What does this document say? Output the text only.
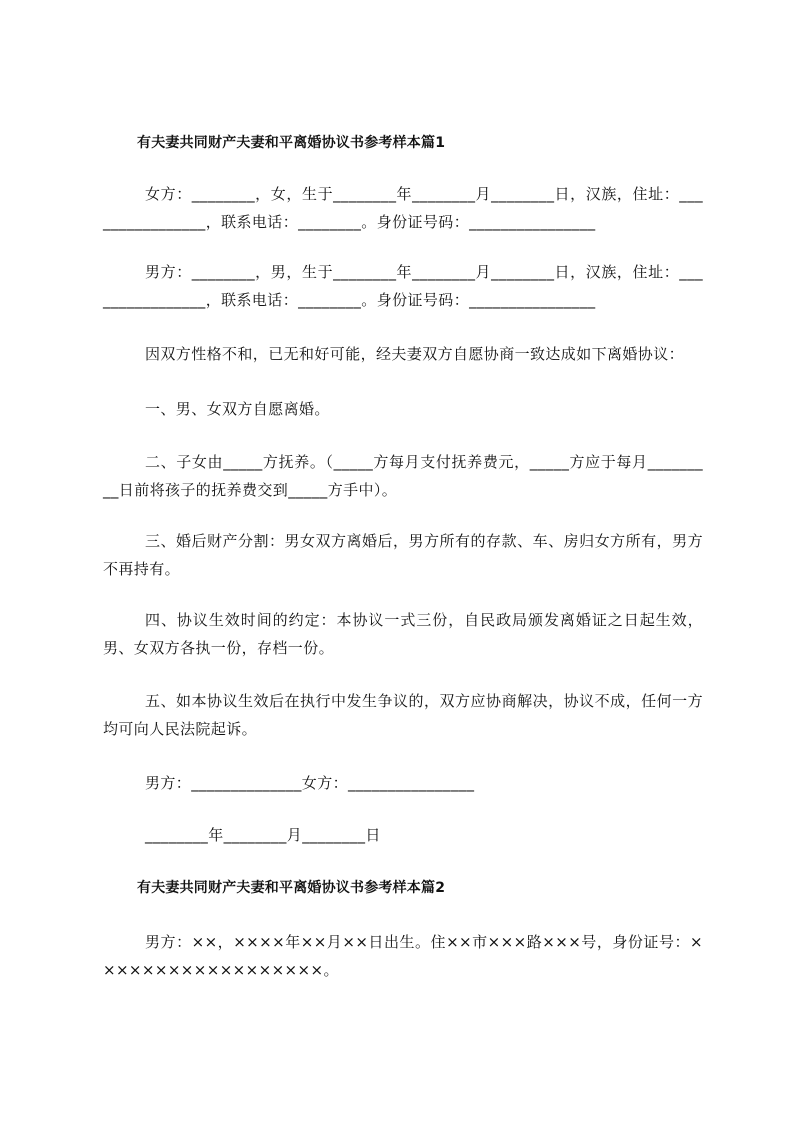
有夫妻共同财产夫妻和平离婚协议书参考样本篇1
女方：________，女，生于________年________月________日，汉族，住址：________________，联系电话：________。身份证号码：________________
男方：________，男，生于________年________月________日，汉族，住址：________________，联系电话：________。身份证号码：________________
因双方性格不和，已无和好可能，经夫妻双方自愿协商一致达成如下离婚协议：
一、男、女双方自愿离婚。
二、子女由_____方抚养。（_____方每月支付抚养费元，_____方应于每月_________日前将孩子的抚养费交到_____方手中）。
三、婚后财产分割：男女双方离婚后，男方所有的存款、车、房归女方所有，男方不再持有。
四、协议生效时间的约定：本协议一式三份，自民政局颁发离婚证之日起生效，男、女双方各执一份，存档一份。
五、如本协议生效后在执行中发生争议的，双方应协商解决，协议不成，任何一方均可向人民法院起诉。
男方：______________女方：________________
________年________月________日
有夫妻共同财产夫妻和平离婚协议书参考样本篇2
男方：××，××××年××月××日出生。住××市×××路×××号，身份证号：××××××××××××××××××。
